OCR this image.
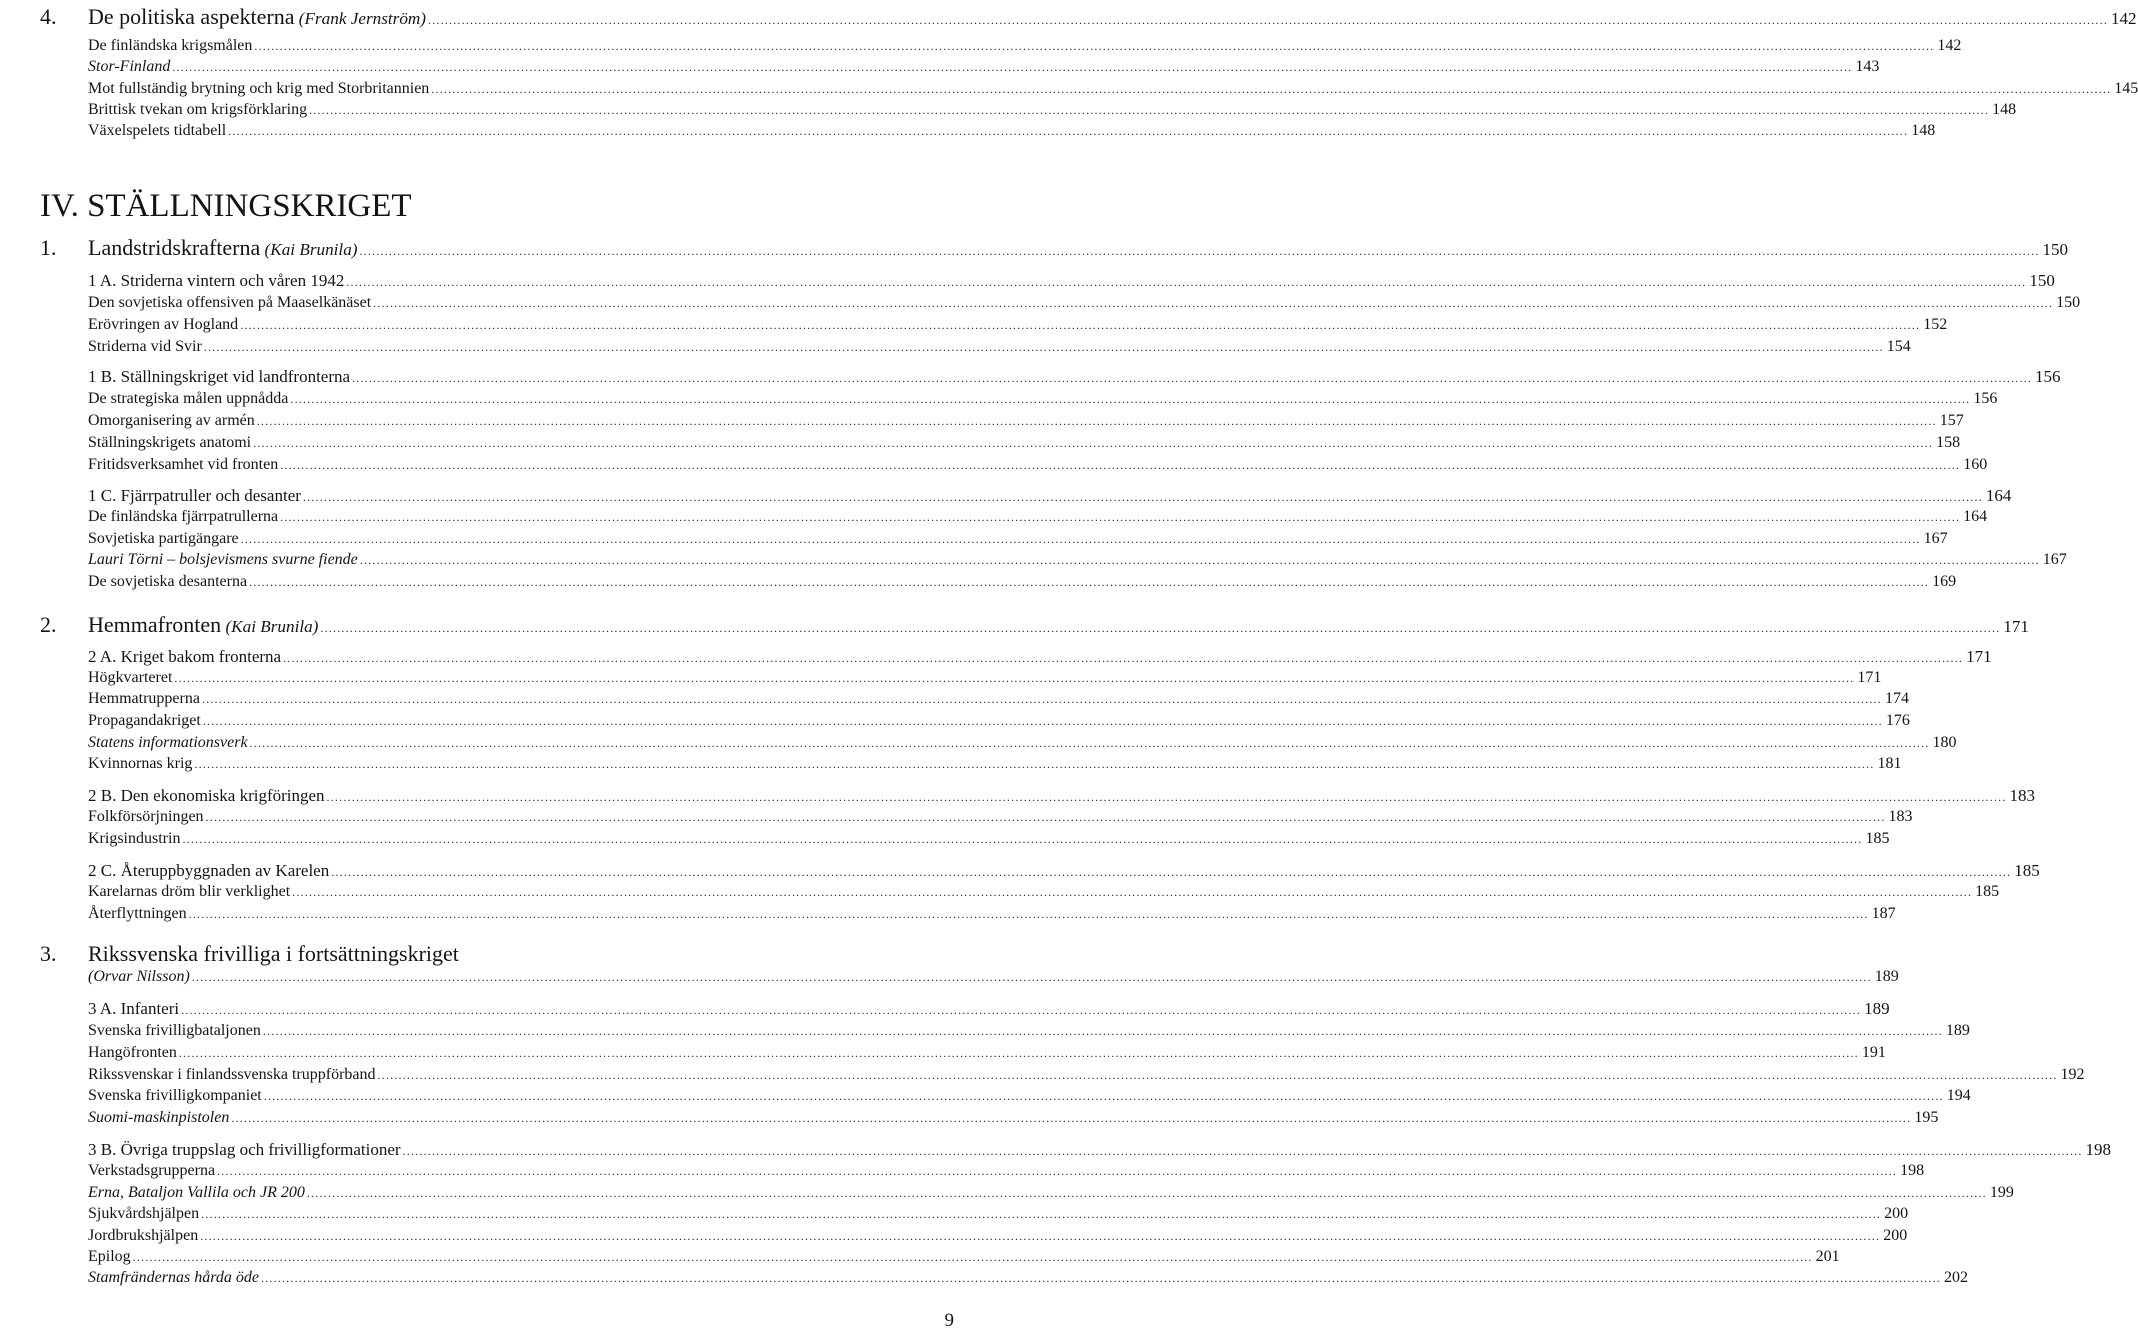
4. De politiska aspekterna (Frank Jernström) ................................................................................................................................................................................................................................................................................................................................................................................................................ 142
De finländska krigsmålen ................................................................................................................................................................................................................................................................................................................................................................................................................ 142
Stor-Finland ................................................................................................................................................................................................................................................................................................................................................................................................................ 143
Mot fullständig brytning och krig med Storbritannien ................................................................................................................................................................................................................................................................................................................................................................................................................ 145
Brittisk tvekan om krigsförklaring ................................................................................................................................................................................................................................................................................................................................................................................................................ 148
Växelspelets tidtabell ................................................................................................................................................................................................................................................................................................................................................................................................................ 148
1. Landstridskrafterna (Kai Brunila) ................................................................................................................................................................................................................................................................................................................................................................................................................ 150
1 A. Striderna vintern och våren 1942 ................................................................................................................................................................................................................................................................................................................................................................................................................ 150
Den sovjetiska offensiven på Maaselkänäset ................................................................................................................................................................................................................................................................................................................................................................................................................ 150
Erövringen av Hogland ................................................................................................................................................................................................................................................................................................................................................................................................................ 152
Striderna vid Svir ................................................................................................................................................................................................................................................................................................................................................................................................................ 154
1 B. Ställningskriget vid landfronterna ................................................................................................................................................................................................................................................................................................................................................................................................................ 156
De strategiska målen uppnådda ................................................................................................................................................................................................................................................................................................................................................................................................................ 156
Omorganisering av armén ................................................................................................................................................................................................................................................................................................................................................................................................................ 157
Ställningskrigets anatomi ................................................................................................................................................................................................................................................................................................................................................................................................................ 158
Fritidsverksamhet vid fronten ................................................................................................................................................................................................................................................................................................................................................................................................................ 160
1 C. Fjärrpatruller och desanter ................................................................................................................................................................................................................................................................................................................................................................................................................ 164
De finländska fjärrpatrullerna ................................................................................................................................................................................................................................................................................................................................................................................................................ 164
Sovjetiska partigängare ................................................................................................................................................................................................................................................................................................................................................................................................................ 167
Lauri Törni – bolsjevismens svurne fiende ................................................................................................................................................................................................................................................................................................................................................................................................................ 167
De sovjetiska desanterna ................................................................................................................................................................................................................................................................................................................................................................................................................ 169
2. Hemmafronten (Kai Brunila) ................................................................................................................................................................................................................................................................................................................................................................................................................ 171
2 A. Kriget bakom fronterna ................................................................................................................................................................................................................................................................................................................................................................................................................ 171
Högkvarteret ................................................................................................................................................................................................................................................................................................................................................................................................................ 171
Hemmatrupperna ................................................................................................................................................................................................................................................................................................................................................................................................................ 174
Propagandakriget ................................................................................................................................................................................................................................................................................................................................................................................................................ 176
Statens informationsverk ................................................................................................................................................................................................................................................................................................................................................................................................................ 180
Kvinnornas krig ................................................................................................................................................................................................................................................................................................................................................................................................................ 181
2 B. Den ekonomiska krigföringen ................................................................................................................................................................................................................................................................................................................................................................................................................ 183
Folkförsörjningen ................................................................................................................................................................................................................................................................................................................................................................................................................ 183
Krigsindustrin ................................................................................................................................................................................................................................................................................................................................................................................................................ 185
2 C. Återuppbyggnaden av Karelen ................................................................................................................................................................................................................................................................................................................................................................................................................ 185
Karelarnas dröm blir verklighet ................................................................................................................................................................................................................................................................................................................................................................................................................ 185
Återflyttningen ................................................................................................................................................................................................................................................................................................................................................................................................................ 187
(Orvar Nilsson) ................................................................................................................................................................................................................................................................................................................................................................................................................ 189
3 A. Infanteri ................................................................................................................................................................................................................................................................................................................................................................................................................ 189
Svenska frivilligbataljonen ................................................................................................................................................................................................................................................................................................................................................................................................................ 189
Hangöfronten ................................................................................................................................................................................................................................................................................................................................................................................................................ 191
Rikssvenskar i finlandssvenska truppförband ................................................................................................................................................................................................................................................................................................................................................................................................................ 192
Svenska frivilligkompaniet ................................................................................................................................................................................................................................................................................................................................................................................................................ 194
Suomi-maskinpistolen ................................................................................................................................................................................................................................................................................................................................................................................................................ 195
3 B. Övriga truppslag och frivilligformationer ................................................................................................................................................................................................................................................................................................................................................................................................................ 198
Verkstadsgrupperna ................................................................................................................................................................................................................................................................................................................................................................................................................ 198
Erna, Bataljon Vallila och JR 200 ................................................................................................................................................................................................................................................................................................................................................................................................................ 199
Sjukvårdshjälpen ................................................................................................................................................................................................................................................................................................................................................................................................................ 200
Jordbrukshjälpen ................................................................................................................................................................................................................................................................................................................................................................................................................ 200
Epilog ................................................................................................................................................................................................................................................................................................................................................................................................................ 201
Stamfrändernas hårda öde ................................................................................................................................................................................................................................................................................................................................................................................................................ 202
IV. STÄLLNINGSKRIGET
3. Rikssvenska frivilliga i fortsättningskriget
9
